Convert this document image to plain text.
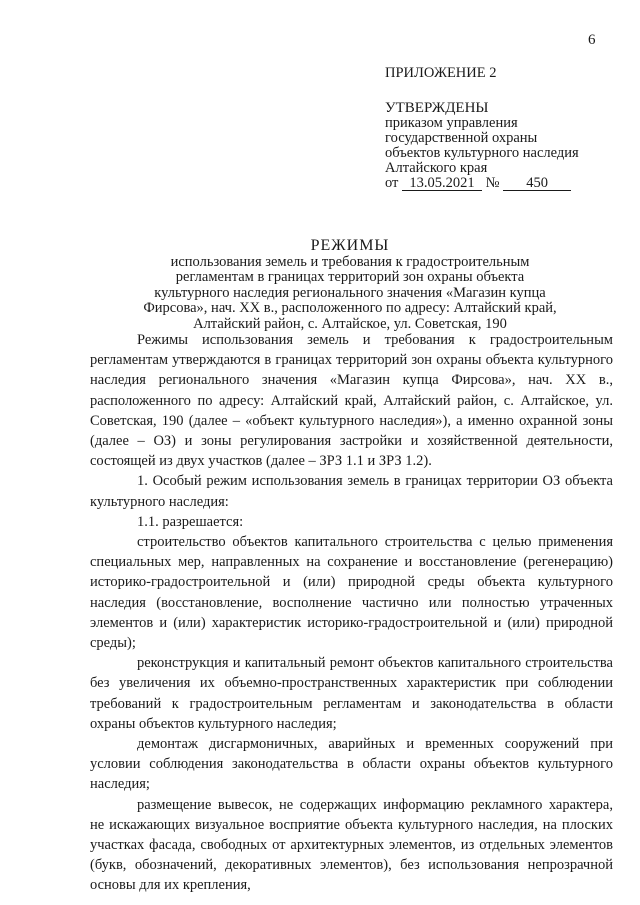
6
ПРИЛОЖЕНИЕ 2
УТВЕРЖДЕНЫ
приказом управления
государственной охраны
объектов культурного наследия
Алтайского края
от 13.05.2021 № 450
РЕЖИМЫ
использования земель и требования к градостроительным
регламентам в границах территорий зон охраны объекта
культурного наследия регионального значения «Магазин купца
Фирсова», нач. XX в., расположенного по адресу: Алтайский край,
Алтайский район, с. Алтайское, ул. Советская, 190

Режимы использования земель и требования к градостроительным регламентам утверждаются в границах территорий зон охраны объекта культурного наследия регионального значения «Магазин купца Фирсова», нач. XX в., расположенного по адресу: Алтайский край, Алтайский район, с. Алтайское, ул. Советская, 190 (далее – «объект культурного наследия»), а именно охранной зоны (далее – ОЗ) и зоны регулирования застройки и хозяйственной деятельности, состоящей из двух участков (далее – ЗРЗ 1.1 и ЗРЗ 1.2).

1. Особый режим использования земель в границах территории ОЗ объекта культурного наследия:

1.1. разрешается:

строительство объектов капитального строительства с целью применения специальных мер, направленных на сохранение и восстановление (регенерацию) историко-градостроительной и (или) природной среды объекта культурного наследия (восстановление, восполнение частично или полностью утраченных элементов и (или) характеристик историко-градостроительной и (или) природной среды);

реконструкция и капитальный ремонт объектов капитального строительства без увеличения их объемно-пространственных характеристик при соблюдении требований к градостроительным регламентам и законодательства в области охраны объектов культурного наследия;

демонтаж дисгармоничных, аварийных и временных сооружений при условии соблюдения законодательства в области охраны объектов культурного наследия;

размещение вывесок, не содержащих информацию рекламного характера, не искажающих визуальное восприятие объекта культурного наследия, на плоских участках фасада, свободных от архитектурных элементов, из отдельных элементов (букв, обозначений, декоративных элементов), без использования непрозрачной основы для их крепления,
